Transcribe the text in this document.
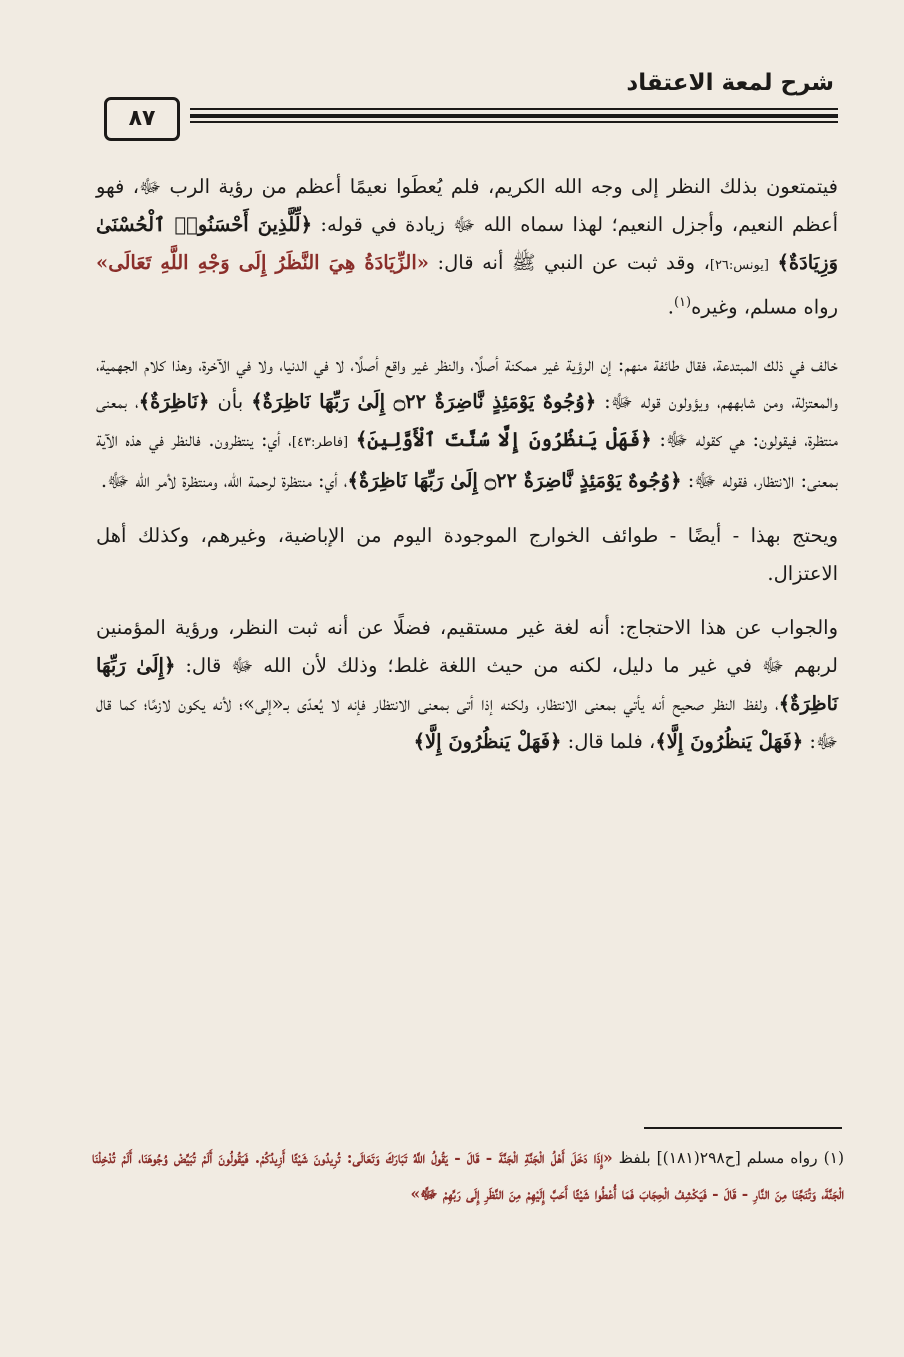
شرح لمعة الاعتقاد
٨٧

فيتمتعون بذلك النظر إلى وجه الله الكريم، فلم يُعطَوا نعيمًا أعظم من رؤية الرب ﷻ، فهو أعظم النعيم، وأجزل النعيم؛ لهذا سماه الله ﷻ زيادة في قوله: ﴿لِّلَّذِينَ أَحْسَنُوا۟ ٱلْحُسْنَىٰ وَزِيَادَةٌ﴾ [يونس:٢٦]، وقد ثبت عن النبي ﷺ أنه قال: «الزِّيَادَةُ هِيَ النَّظَرُ إِلَى وَجْهِ اللَّهِ تَعَالَى» رواه مسلم، وغيره$^{(١)}$.

خالف في ذلك المبتدعة، فقال طائفة منهم: إن الرؤية غير ممكنة أصلًا، والنظر غير واقع أصلًا، لا في الدنيا، ولا في الآخرة، وهذا كلام الجهمية، والمعتزلة، ومن شابههم، ويؤولون قوله ﷻ: ﴿وُجُوهٌ يَوْمَئِذٍ نَّاضِرَةٌ ۝٢٢ إِلَىٰ رَبِّهَا نَاظِرَةٌ﴾ بأن ﴿نَاظِرَةٌ﴾، بمعنى منتظرة، فيقولون: هي كقوله ﷻ: ﴿فَهَلْ يَنظُرُونَ إِلَّا سُنَّتَ ٱلْأَوَّلِينَ﴾ [فاطر:٤٣]، أي: ينتظرون. فالنظر في هذه الآية بمعنى: الانتظار، فقوله ﷻ: ﴿وُجُوهٌ يَوْمَئِذٍ نَّاضِرَةٌ ۝٢٢ إِلَىٰ رَبِّهَا نَاظِرَةٌ﴾، أي: منتظرة لرحمة الله، ومنتظرة لأمر الله ﷻ.

ويحتج بهذا - أيضًا - طوائف الخوارج الموجودة اليوم من الإباضية، وغيرهم، وكذلك أهل الاعتزال.

والجواب عن هذا الاحتجاج: أنه لغة غير مستقيم، فضلًا عن أنه ثبت النظر، ورؤية المؤمنين لربهم ﷻ في غير ما دليل، لكنه من حيث اللغة غلط؛ وذلك لأن الله ﷻ قال: ﴿إِلَىٰ رَبِّهَا نَاظِرَةٌ﴾، ولفظ النظر صحيح أنه يأتي بمعنى الانتظار، ولكنه إذا أتى بمعنى الانتظار فإنه لا يُعدّى بـ«إلى»؛ لأنه يكون لازمًا؛ كما قال ﷻ: ﴿فَهَلْ يَنظُرُونَ إِلَّا﴾، فلما قال: ﴿فَهَلْ يَنظُرُونَ إِلَّا﴾

(١) رواه مسلم [ح٢٩٨(١٨١)] بلفظ «إِذَا دَخَلَ أَهْلُ الْجَنَّةِ الْجَنَّةَ - قَالَ - يَقُولُ اللَّهُ تَبَارَكَ وَتَعَالَى: تُرِيدُونَ شَيْئًا أَزِيدُكُمْ. فَيَقُولُونَ أَلَمْ تُبَيِّضْ وُجُوهَنَا، أَلَمْ تُدْخِلْنَا الْجَنَّةَ، وَتُنَجِّنَا مِنَ النَّارِ - قَالَ - فَيَكْشِفُ الْحِجَابَ فَمَا أُعْطُوا شَيْئًا أَحَبَّ إِلَيْهِمْ مِنَ النَّظَرِ إِلَى رَبِّهِمْ ﷻ»
